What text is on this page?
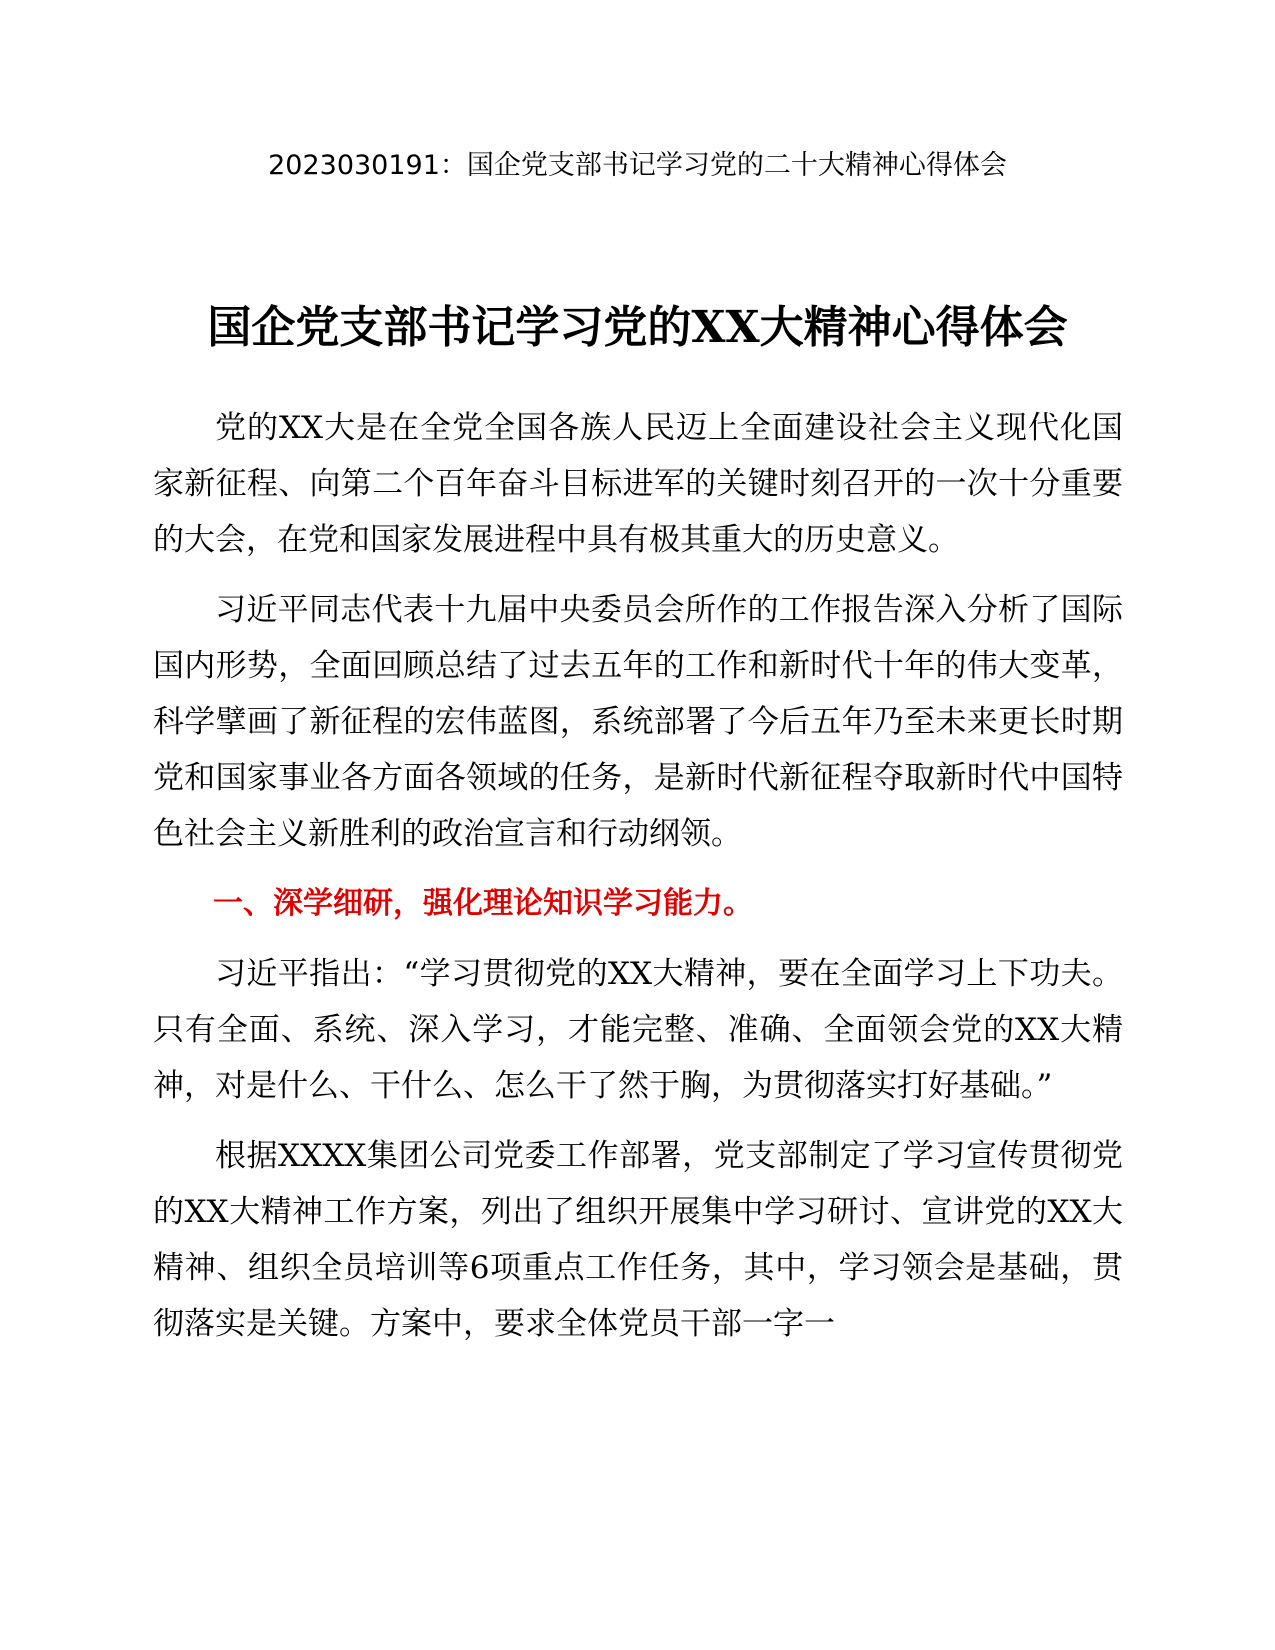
2023030191：国企党支部书记学习党的二十大精神心得体会
国企党支部书记学习党的XX大精神心得体会

党的XX大是在全党全国各族人民迈上全面建设社会主义现代化国家新征程、向第二个百年奋斗目标进军的关键时刻召开的一次十分重要的大会，在党和国家发展进程中具有极其重大的历史意义。

习近平同志代表十九届中央委员会所作的工作报告深入分析了国际国内形势，全面回顾总结了过去五年的工作和新时代十年的伟大变革，科学擘画了新征程的宏伟蓝图，系统部署了今后五年乃至未来更长时期党和国家事业各方面各领域的任务，是新时代新征程夺取新时代中国特色社会主义新胜利的政治宣言和行动纲领。

一、深学细研，强化理论知识学习能力。

习近平指出：“学习贯彻党的XX大精神，要在全面学习上下功夫。只有全面、系统、深入学习，才能完整、准确、全面领会党的XX大精神，对是什么、干什么、怎么干了然于胸，为贯彻落实打好基础。”

根据XXXX集团公司党委工作部署，党支部制定了学习宣传贯彻党的XX大精神工作方案，列出了组织开展集中学习研讨、宣讲党的XX大精神、组织全员培训等6项重点工作任务，其中，学习领会是基础，贯彻落实是关键。方案中，要求全体党员干部一字一
